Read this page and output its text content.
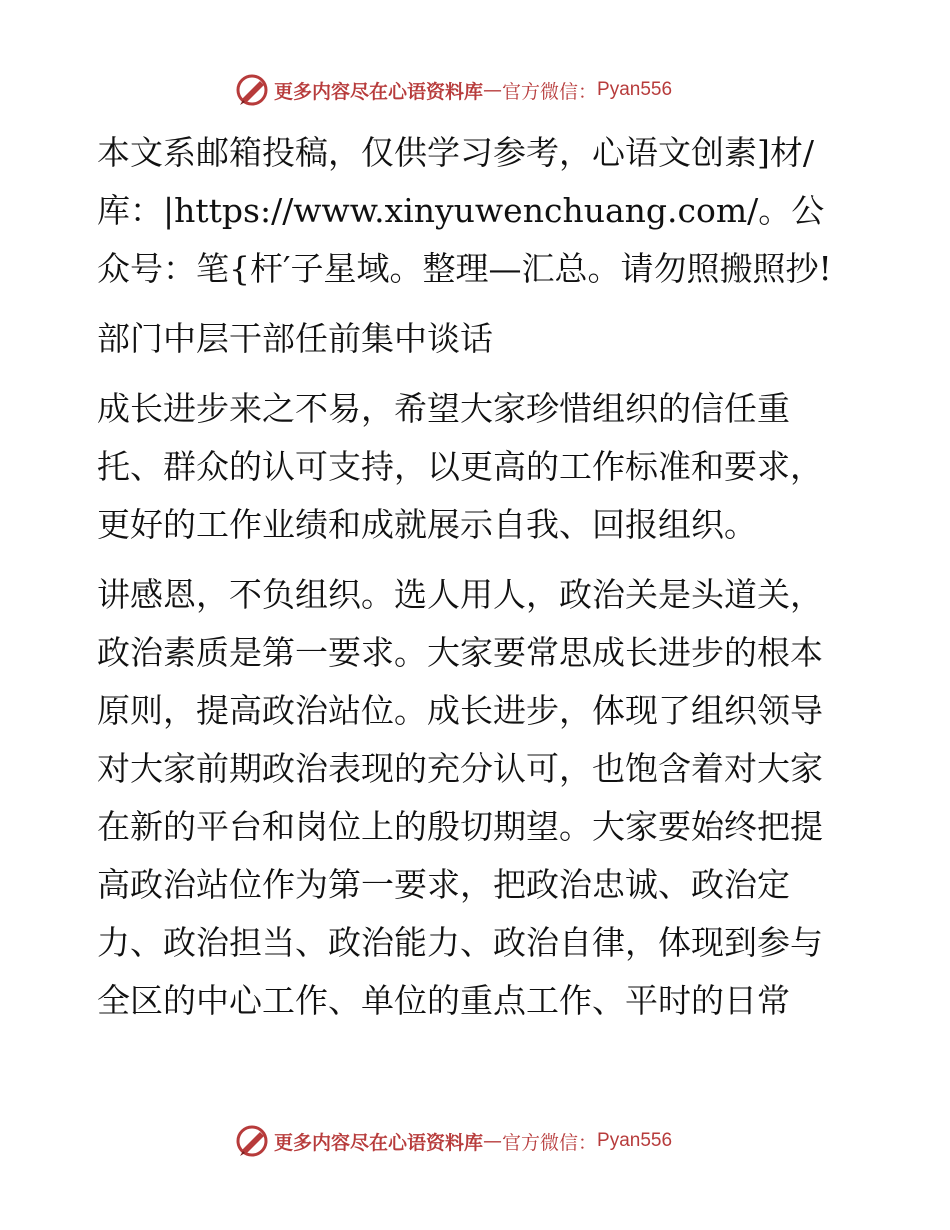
更多内容尽在心语资料库 — 官方微信： Pyan556

本文系邮箱投稿，仅供学习参考，心语文创素]材/库：|https://www.xinyuwenchuang.com/。公众号：笔{杆′子星域。整理—汇总。请勿照搬照抄!

部门中层干部任前集中谈话

成长进步来之不易，希望大家珍惜组织的信任重托、群众的认可支持，以更高的工作标准和要求，更好的工作业绩和成就展示自我、回报组织。

讲感恩，不负组织。选人用人，政治关是头道关，政治素质是第一要求。大家要常思成长进步的根本原则，提高政治站位。成长进步，体现了组织领导对大家前期政治表现的充分认可，也饱含着对大家在新的平台和岗位上的殷切期望。大家要始终把提高政治站位作为第一要求，把政治忠诚、政治定力、政治担当、政治能力、政治自律，体现到参与全区的中心工作、单位的重点工作、平时的日常

更多内容尽在心语资料库 — 官方微信： Pyan556
